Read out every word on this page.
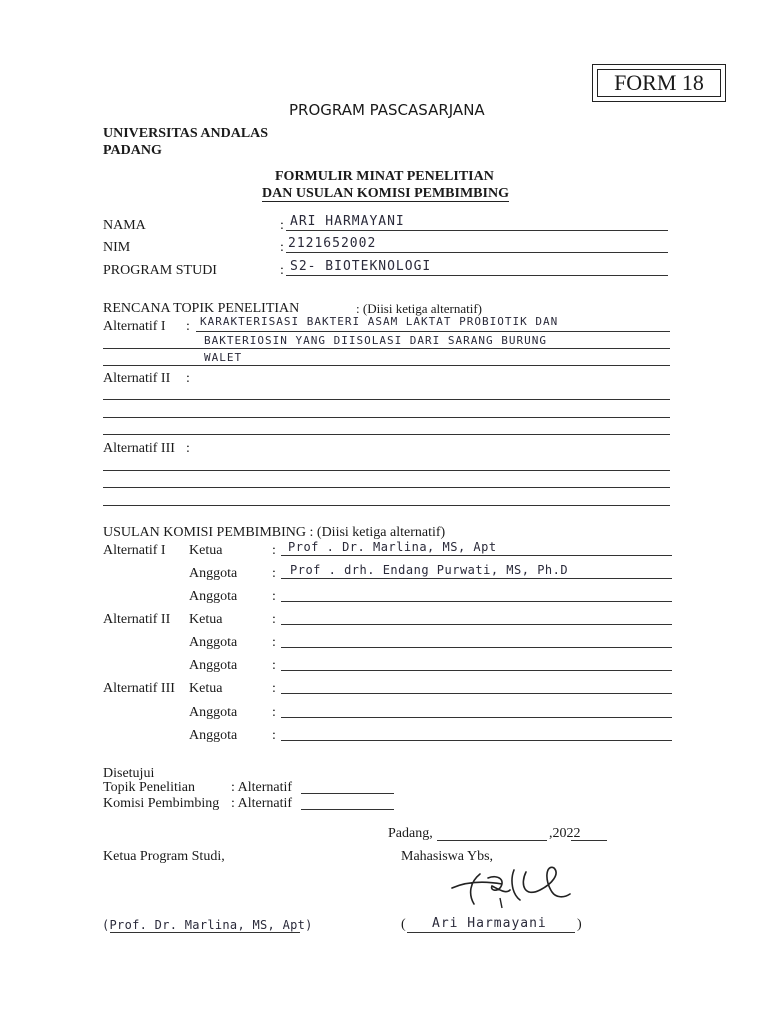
FORM 18
PROGRAM PASCASARJANA
UNIVERSITAS ANDALAS
PADANG
FORMULIR MINAT PENELITIAN
DAN USULAN KOMISI PEMBIMBING
NAMA	: ARI HARMAYANI
NIM	: 2121652002
PROGRAM STUDI	: S2- BIOTEKNOLOGI
RENCANA TOPIK PENELITIAN	: (Diisi ketiga alternatif)
Alternatif I : KARAKTERISASI BAKTERI ASAM LAKTAT PROBIOTIK DAN
BAKTERIOSIN YANG DIISOLASI DARI SARANG BURUNG
WALET
Alternatif II :
Alternatif III :
USULAN KOMISI PEMBIMBING : (Diisi ketiga alternatif)
Alternatif I Ketua	: Prof . Dr. Marlina, MS, Apt
Anggota : Prof . drh. Endang Purwati, MS, Ph.D
Anggota :
Alternatif II Ketua	:
Anggota :
Anggota :
Alternatif III Ketua	:
Anggota :
Anggota :
Disetujui
Topik Penelitian	: Alternatif
Komisi Pembimbing : Alternatif
Padang,	,2022
Ketua Program Studi,	Mahasiswa Ybs,
(Prof. Dr. Marlina, MS, Apt)	( Ari Harmayani )
